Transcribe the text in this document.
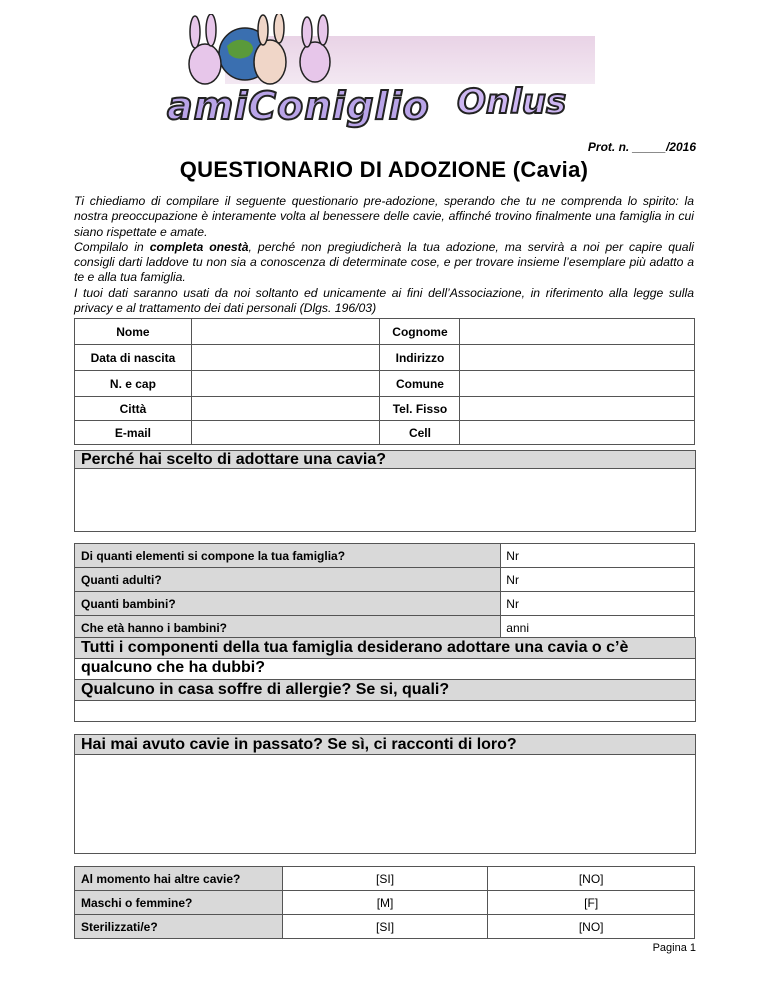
amiConiglio Onlus
Prot. n. _____/2016
QUESTIONARIO DI ADOZIONE (Cavia)

Ti chiediamo di compilare il seguente questionario pre-adozione, sperando che tu ne comprenda lo spirito: la nostra preoccupazione è interamente volta al benessere delle cavie, affinché trovino finalmente una famiglia in cui siano rispettate e amate.

Compilalo in completa onestà, perché non pregiudicherà la tua adozione, ma servirà a noi per capire quali consigli darti laddove tu non sia a conoscenza di determinate cose, e per trovare insieme l’esemplare più adatto a te e alla tua famiglia.

I tuoi dati saranno usati da noi soltanto ed unicamente ai fini dell’Associazione, in riferimento alla legge sulla privacy e al trattamento dei dati personali (Dlgs. 196/03)

Nome		Cognome	
Data di nascita		Indirizzo	
N. e cap		Comune	
Città		Tel. Fisso	
E-mail		Cell	
Perché hai scelto di adottare una cavia?
Di quanti elementi si compone la tua famiglia?	Nr
Quanti adulti?	Nr
Quanti bambini?	Nr
Che età hanno i bambini?	anni
Tutti i componenti della tua famiglia desiderano adottare una cavia o c’è qualcuno che ha dubbi?
Qualcuno in casa soffre di allergie? Se si, quali?
Hai mai avuto cavie in passato? Se sì, ci racconti di loro?
Al momento hai altre cavie?	[SI]	[NO]
Maschi o femmine?	[M]	[F]
Sterilizzati/e?	[SI]	[NO]
Pagina 1
